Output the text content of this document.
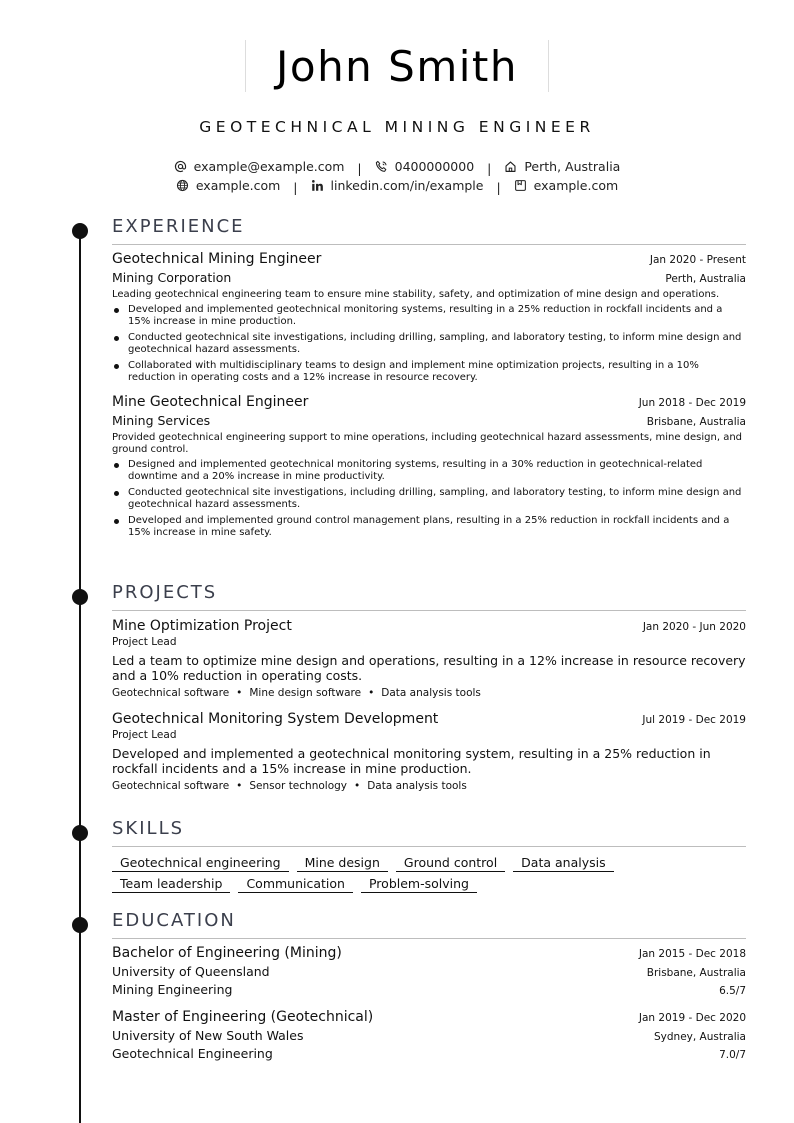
John Smith
GEOTECHNICAL MINING ENGINEER
example@example.com |	0400000000 |	Perth, Australia
example.com |	linkedin.com/in/example |	example.com
EXPERIENCE
Geotechnical Mining Engineer	Jan 2020 - Present
Mining Corporation	Perth, Australia
Leading geotechnical engineering team to ensure mine stability, safety, and optimization of mine design and operations.
Developed and implemented geotechnical monitoring systems, resulting in a 25% reduction in rockfall incidents and a 15% increase in mine production.
Conducted geotechnical site investigations, including drilling, sampling, and laboratory testing, to inform mine design and geotechnical hazard assessments.
Collaborated with multidisciplinary teams to design and implement mine optimization projects, resulting in a 10% reduction in operating costs and a 12% increase in resource recovery.
Mine Geotechnical Engineer	Jun 2018 - Dec 2019
Mining Services	Brisbane, Australia
Provided geotechnical engineering support to mine operations, including geotechnical hazard assessments, mine design, and ground control.
Designed and implemented geotechnical monitoring systems, resulting in a 30% reduction in geotechnical-related downtime and a 20% increase in mine productivity.
Conducted geotechnical site investigations, including drilling, sampling, and laboratory testing, to inform mine design and geotechnical hazard assessments.
Developed and implemented ground control management plans, resulting in a 25% reduction in rockfall incidents and a 15% increase in mine safety.
PROJECTS
Mine Optimization Project	Jan 2020 - Jun 2020
Project Lead
Led a team to optimize mine design and operations, resulting in a 12% increase in resource recovery and a 10% reduction in operating costs.
Geotechnical software • Mine design software • Data analysis tools
Geotechnical Monitoring System Development	Jul 2019 - Dec 2019
Project Lead
Developed and implemented a geotechnical monitoring system, resulting in a 25% reduction in rockfall incidents and a 15% increase in mine production.
Geotechnical software • Sensor technology • Data analysis tools
SKILLS
Geotechnical engineering	Mine design	Ground control	Data analysis
Team leadership	Communication	Problem-solving
EDUCATION
Bachelor of Engineering (Mining)	Jan 2015 - Dec 2018
University of Queensland	Brisbane, Australia
Mining Engineering	6.5/7
Master of Engineering (Geotechnical)	Jan 2019 - Dec 2020
University of New South Wales	Sydney, Australia
Geotechnical Engineering	7.0/7
